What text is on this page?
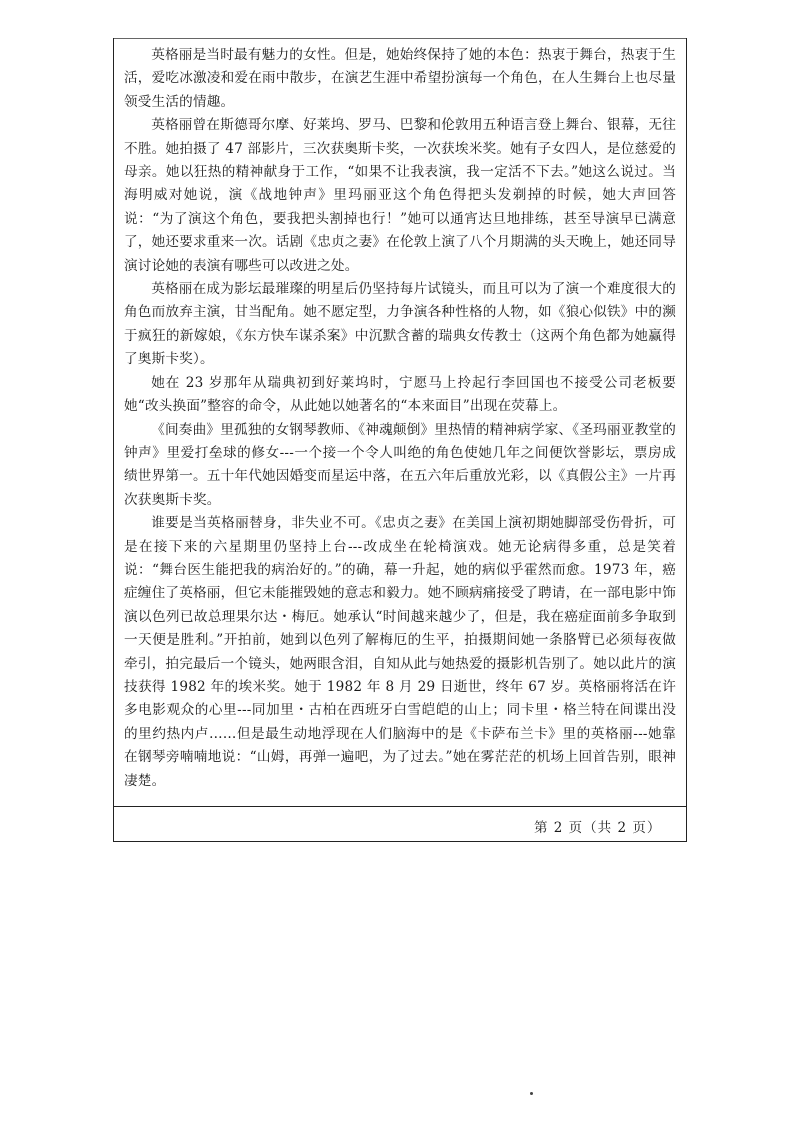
英格丽是当时最有魅力的女性。但是，她始终保持了她的本色：热衷于舞台，热衷于生活，爱吃冰激凌和爱在雨中散步，在演艺生涯中希望扮演每一个角色，在人生舞台上也尽量领受生活的情趣。

英格丽曾在斯德哥尔摩、好莱坞、罗马、巴黎和伦敦用五种语言登上舞台、银幕，无往不胜。她拍摄了 47 部影片，三次获奥斯卡奖，一次获埃米奖。她有子女四人，是位慈爱的母亲。她以狂热的精神献身于工作，“如果不让我表演，我一定活不下去。”她这么说过。当海明威对她说，演《战地钟声》里玛丽亚这个角色得把头发剃掉的时候，她大声回答说：“为了演这个角色，要我把头割掉也行！”她可以通宵达旦地排练，甚至导演早已满意了，她还要求重来一次。话剧《忠贞之妻》在伦敦上演了八个月期满的头天晚上，她还同导演讨论她的表演有哪些可以改进之处。

英格丽在成为影坛最璀璨的明星后仍坚持每片试镜头，而且可以为了演一个难度很大的角色而放弃主演，甘当配角。她不愿定型，力争演各种性格的人物，如《狼心似铁》中的濒于疯狂的新嫁娘，《东方快车谋杀案》中沉默含蓄的瑞典女传教士（这两个角色都为她赢得了奥斯卡奖）。

她在 23 岁那年从瑞典初到好莱坞时，宁愿马上拎起行李回国也不接受公司老板要她“改头换面”整容的命令，从此她以她著名的“本来面目”出现在荧幕上。

《间奏曲》里孤独的女钢琴教师、《神魂颠倒》里热情的精神病学家、《圣玛丽亚教堂的钟声》里爱打垒球的修女---一个接一个令人叫绝的角色使她几年之间便饮誉影坛，票房成绩世界第一。五十年代她因婚变而星运中落，在五六年后重放光彩，以《真假公主》一片再次获奥斯卡奖。

谁要是当英格丽替身，非失业不可。《忠贞之妻》在美国上演初期她脚部受伤骨折，可是在接下来的六星期里仍坚持上台---改成坐在轮椅演戏。她无论病得多重，总是笑着说：“舞台医生能把我的病治好的。”的确，幕一升起，她的病似乎霍然而愈。1973 年，癌症缠住了英格丽，但它未能摧毁她的意志和毅力。她不顾病痛接受了聘请，在一部电影中饰演以色列已故总理果尔达・梅厄。她承认“时间越来越少了，但是，我在癌症面前多争取到一天便是胜利。”开拍前，她到以色列了解梅厄的生平，拍摄期间她一条胳臂已必须每夜做牵引，拍完最后一个镜头，她两眼含泪，自知从此与她热爱的摄影机告别了。她以此片的演技获得 1982 年的埃米奖。她于 1982 年 8 月 29 日逝世，终年 67 岁。英格丽将活在许多电影观众的心里---同加里・古柏在西班牙白雪皑皑的山上；同卡里・格兰特在间谍出没的里约热内卢……但是最生动地浮现在人们脑海中的是《卡萨布兰卡》里的英格丽---她靠在钢琴旁喃喃地说：“山姆，再弹一遍吧，为了过去。”她在雾茫茫的机场上回首告别，眼神凄楚。

第 2 页（共 2 页）
